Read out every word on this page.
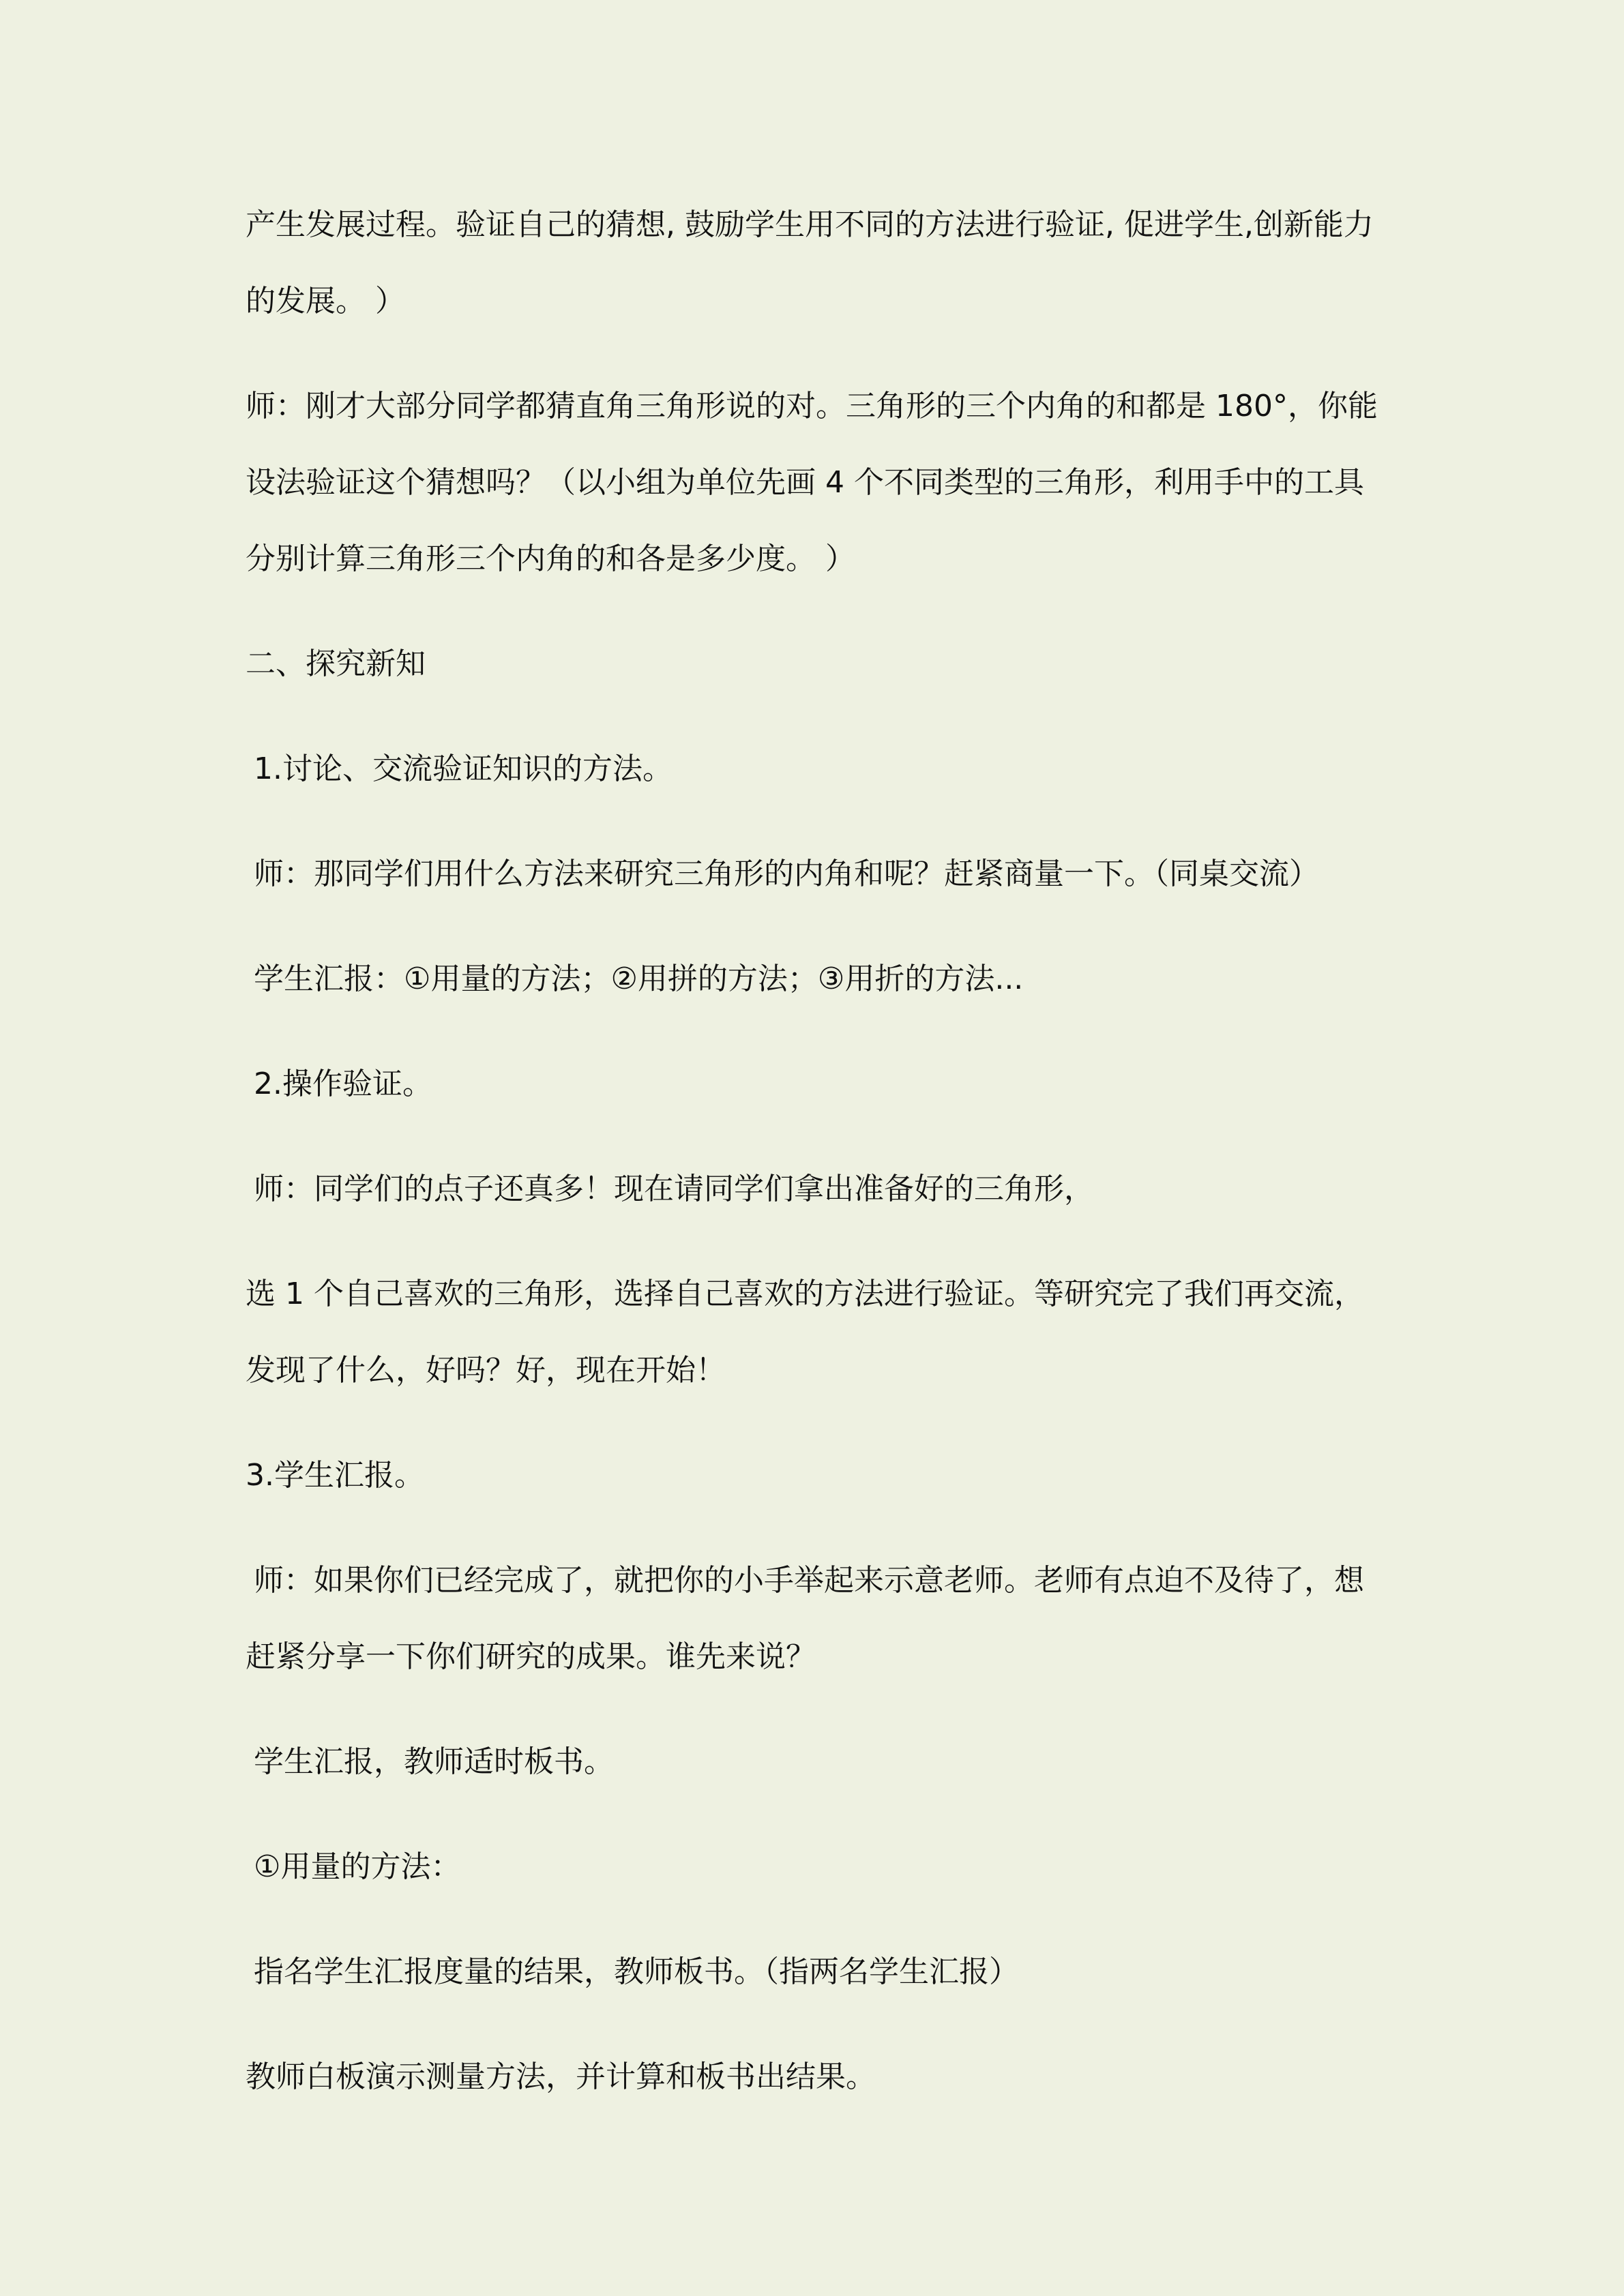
产生发展过程。验证自己的猜想, 鼓励学生用不同的方法进行验证, 促进学生,创新能力
的发展。 ）
师：刚才大部分同学都猜直角三角形说的对。三角形的三个内角的和都是 180°，你能
设法验证这个猜想吗？（以小组为单位先画 4 个不同类型的三角形，利用手中的工具
分别计算三角形三个内角的和各是多少度。 ）
二、探究新知
1.讨论、交流验证知识的方法。
师：那同学们用什么方法来研究三角形的内角和呢？赶紧商量一下。（同桌交流）
学生汇报：①用量的方法；②用拼的方法；③用折的方法...
2.操作验证。
师：同学们的点子还真多！现在请同学们拿出准备好的三角形，
选 1 个自己喜欢的三角形，选择自己喜欢的方法进行验证。等研究完了我们再交流，
发现了什么，好吗？好，现在开始！
3.学生汇报。
师：如果你们已经完成了，就把你的小手举起来示意老师。老师有点迫不及待了，想
赶紧分享一下你们研究的成果。谁先来说？
学生汇报，教师适时板书。
①用量的方法：
指名学生汇报度量的结果，教师板书。（指两名学生汇报）
教师白板演示测量方法，并计算和板书出结果。
